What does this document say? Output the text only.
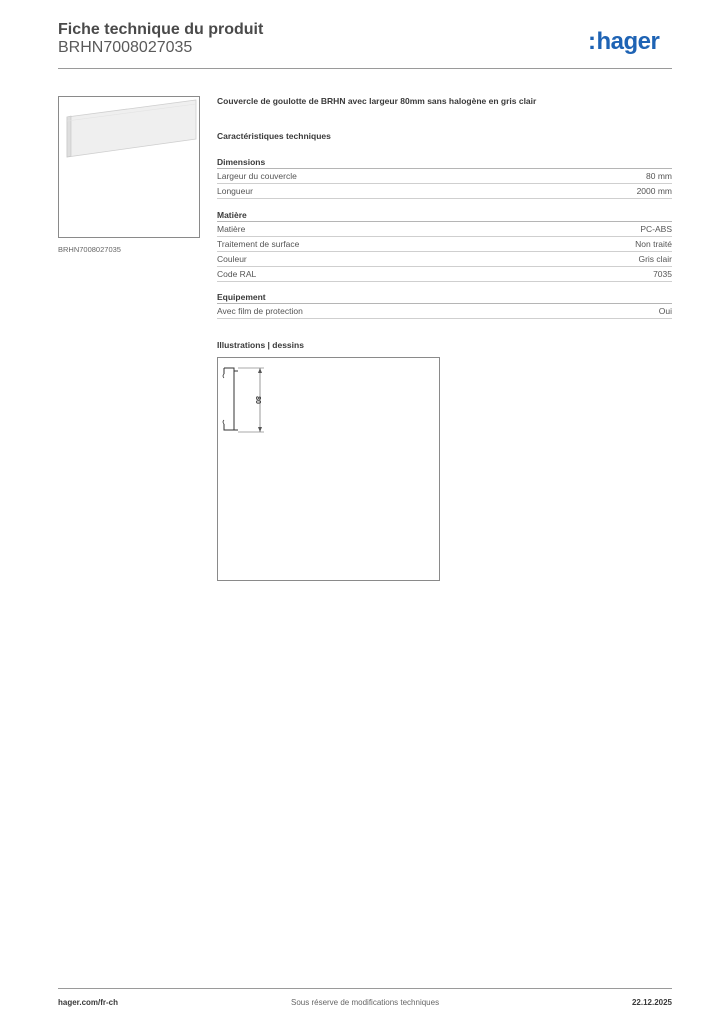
Fiche technique du produit
BRHN7008027035	:hager
BRHN7008027035
Couvercle de goulotte de BRHN avec largeur 80mm sans halogène en gris clair
Caractéristiques techniques
Dimensions
Largeur du couvercle	80 mm
Longueur	2000 mm
Matière
Matière	PC-ABS
Traitement de surface	Non traité
Couleur	Gris clair
Code RAL	7035
Equipement
Avec film de protection	Oui
Illustrations | dessins
80
hager.com/fr-ch	Sous réserve de modifications techniques	22.12.2025
